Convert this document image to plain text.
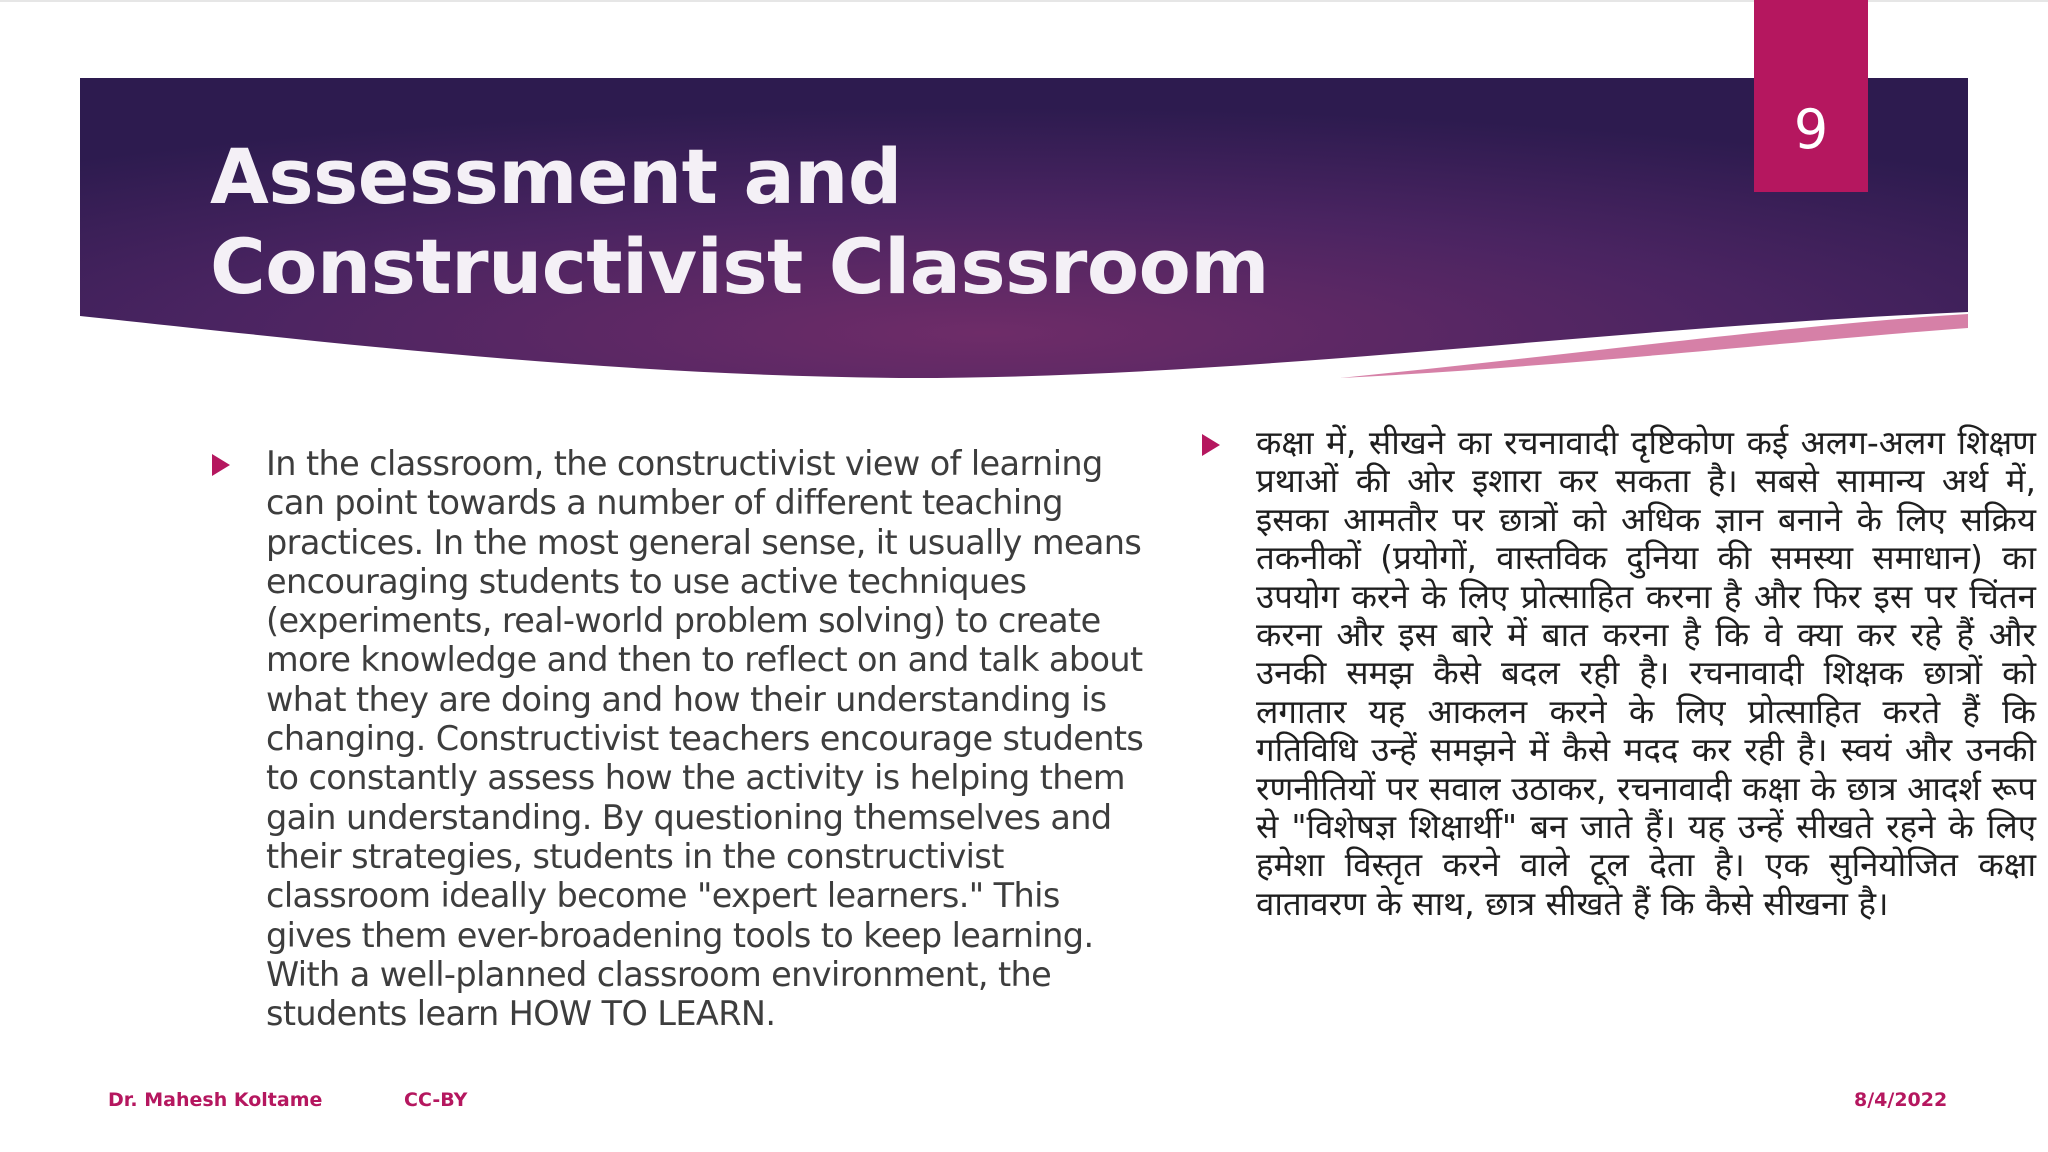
Assessment and Constructivist Classroom
9

In the classroom, the constructivist view of learning can point towards a number of different teaching practices. In the most general sense, it usually means encouraging students to use active techniques (experiments, real-world problem solving) to create more knowledge and then to reflect on and talk about what they are doing and how their understanding is changing. Constructivist teachers encourage students to constantly assess how the activity is helping them gain understanding. By questioning themselves and their strategies, students in the constructivist classroom ideally become "expert learners." This gives them ever-broadening tools to keep learning. With a well-planned classroom environment, the students learn HOW TO LEARN.

कक्षा में, सीखने का रचनावादी दृष्टिकोण कई अलग-अलग शिक्षण प्रथाओं की ओर इशारा कर सकता है। सबसे सामान्य अर्थ में, इसका आमतौर पर छात्रों को अधिक ज्ञान बनाने के लिए सक्रिय तकनीकों (प्रयोगों, वास्तविक दुनिया की समस्या समाधान) का उपयोग करने के लिए प्रोत्साहित करना है और फिर इस पर चिंतन करना और इस बारे में बात करना है कि वे क्या कर रहे हैं और उनकी समझ कैसे बदल रही है। रचनावादी शिक्षक छात्रों को लगातार यह आकलन करने के लिए प्रोत्साहित करते हैं कि गतिविधि उन्हें समझने में कैसे मदद कर रही है। स्वयं और उनकी रणनीतियों पर सवाल उठाकर, रचनावादी कक्षा के छात्र आदर्श रूप से "विशेषज्ञ शिक्षार्थी" बन जाते हैं। यह उन्हें सीखते रहने के लिए हमेशा विस्तृत करने वाले टूल देता है। एक सुनियोजित कक्षा वातावरण के साथ, छात्र सीखते हैं कि कैसे सीखना है।

Dr. Mahesh Koltame	CC-BY	8/4/2022
